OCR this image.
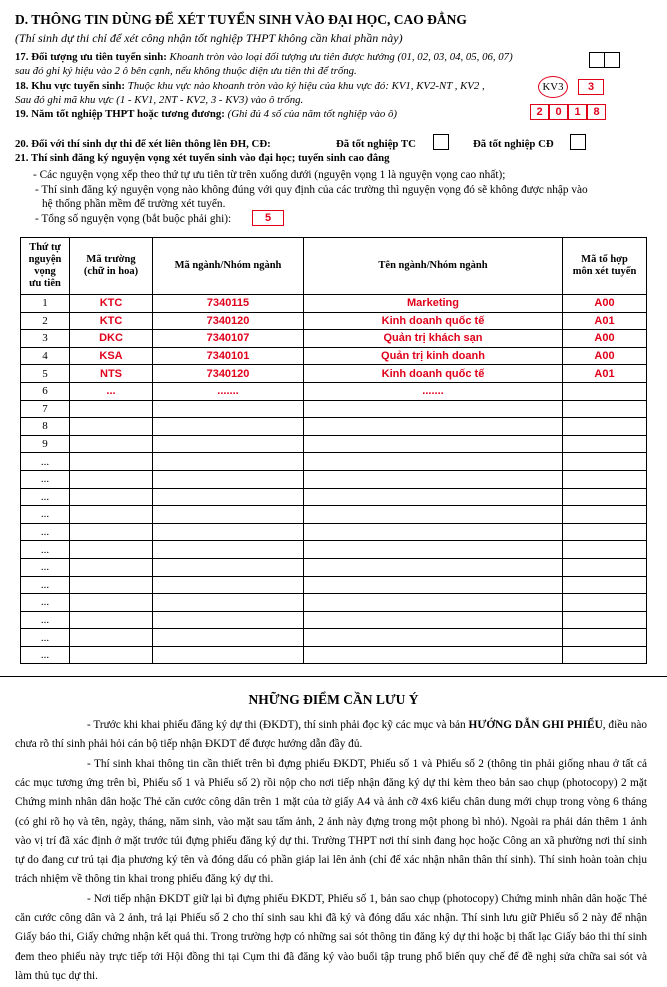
D. THÔNG TIN DÙNG ĐỂ XÉT TUYỂN SINH VÀO ĐẠI HỌC, CAO ĐẲNG
(Thí sinh dự thi chỉ để xét công nhận tốt nghiệp THPT không cần khai phần này)
17. Đối tượng ưu tiên tuyển sinh: Khoanh tròn vào loại đối tượng ưu tiên được hưởng (01, 02, 03, 04, 05, 06, 07)
sau đó ghi ký hiệu vào 2 ô bên cạnh, nếu không thuộc diện ưu tiên thì để trống.
18. Khu vực tuyển sinh: Thuộc khu vực nào khoanh tròn vào ký hiệu của khu vực đó: KV1, KV2-NT , KV2 ,	KV3	3
Sau đó ghi mã khu vực (1 - KV1, 2NT - KV2, 3 - KV3) vào ô trống.
19. Năm tốt nghiệp THPT hoặc tương đương: (Ghi đủ 4 số của năm tốt nghiệp vào ô)	2	0	1	8
20. Đối với thí sinh dự thi để xét liên thông lên ĐH, CĐ:	Đã tốt nghiệp TC	Đã tốt nghiệp CĐ
21. Thí sinh đăng ký nguyện vọng xét tuyển sinh vào đại học; tuyển sinh cao đẳng
- Các nguyện vọng xếp theo thứ tự ưu tiên từ trên xuống dưới (nguyện vọng 1 là nguyện vọng cao nhất);
- Thí sinh đăng ký nguyện vọng nào không đúng với quy định của các trường thì nguyện vọng đó sẽ không được nhập vào
hệ thống phần mềm để trường xét tuyển.
- Tổng số nguyện vọng (bắt buộc phải ghi):	5
Thứ tự
nguyện
vọng
ưu tiên	Mã trường
(chữ in hoa)	Mã ngành/Nhóm ngành	Tên ngành/Nhóm ngành	Mã tổ hợp
môn xét tuyển
1	KTC	7340115	Marketing	A00
2	KTC	7340120	Kinh doanh quốc tế	A01
3	DKC	7340107	Quản trị khách sạn	A00
4	KSA	7340101	Quản trị kinh doanh	A00
5	NTS	7340120	Kinh doanh quốc tế	A01
6	...	.......	.......	
7				
8				
9				
...				
...				
...				
...				
...				
...				
...				
...				
...				
...				
...				
...				
NHỮNG ĐIỂM CẦN LƯU Ý
- Trước khi khai phiếu đăng ký dự thi (ĐKDT), thí sinh phải đọc kỹ các mục và bản HƯỚNG DẪN GHI PHIẾU, điều nào chưa rõ thí sinh phải hỏi cán bộ tiếp nhận ĐKDT để được hướng dẫn đầy đủ.
- Thí sinh khai thông tin cần thiết trên bì đựng phiếu ĐKDT, Phiếu số 1 và Phiếu số 2 (thông tin phải giống nhau ở tất cả các mục tương ứng trên bì, Phiếu số 1 và Phiếu số 2) rồi nộp cho nơi tiếp nhận đăng ký dự thi kèm theo bản sao chụp (photocopy) 2 mặt Chứng minh nhân dân hoặc Thẻ căn cước công dân trên 1 mặt của tờ giấy A4 và ảnh cỡ 4x6 kiểu chân dung mới chụp trong vòng 6 tháng (có ghi rõ họ và tên, ngày, tháng, năm sinh, vào mặt sau tấm ảnh, 2 ảnh này đựng trong một phong bì nhỏ). Ngoài ra phải dán thêm 1 ảnh vào vị trí đã xác định ở mặt trước túi đựng phiếu đăng ký dự thi. Trường THPT nơi thí sinh đang học hoặc Công an xã phường nơi thí sinh tự do đang cư trú tại địa phương ký tên và đóng dấu có phần giáp lai lên ảnh (chỉ để xác nhận nhân thân thí sinh). Thí sinh hoàn toàn chịu trách nhiệm về thông tin khai trong phiếu đăng ký dự thi.
- Nơi tiếp nhận ĐKDT giữ lại bì đựng phiếu ĐKDT, Phiếu số 1, bản sao chụp (photocopy) Chứng minh nhân dân hoặc Thẻ căn cước công dân và 2 ảnh, trả lại Phiếu số 2 cho thí sinh sau khi đã ký và đóng dấu xác nhận. Thí sinh lưu giữ Phiếu số 2 này để nhận Giấy báo thi, Giấy chứng nhận kết quả thi. Trong trường hợp có những sai sót thông tin đăng ký dự thi hoặc bị thất lạc Giấy báo thi thí sinh đem theo phiếu này trực tiếp tới Hội đồng thi tại Cụm thi đã đăng ký vào buổi tập trung phổ biến quy chế để đề nghị sửa chữa sai sót và làm thủ tục dự thi.
